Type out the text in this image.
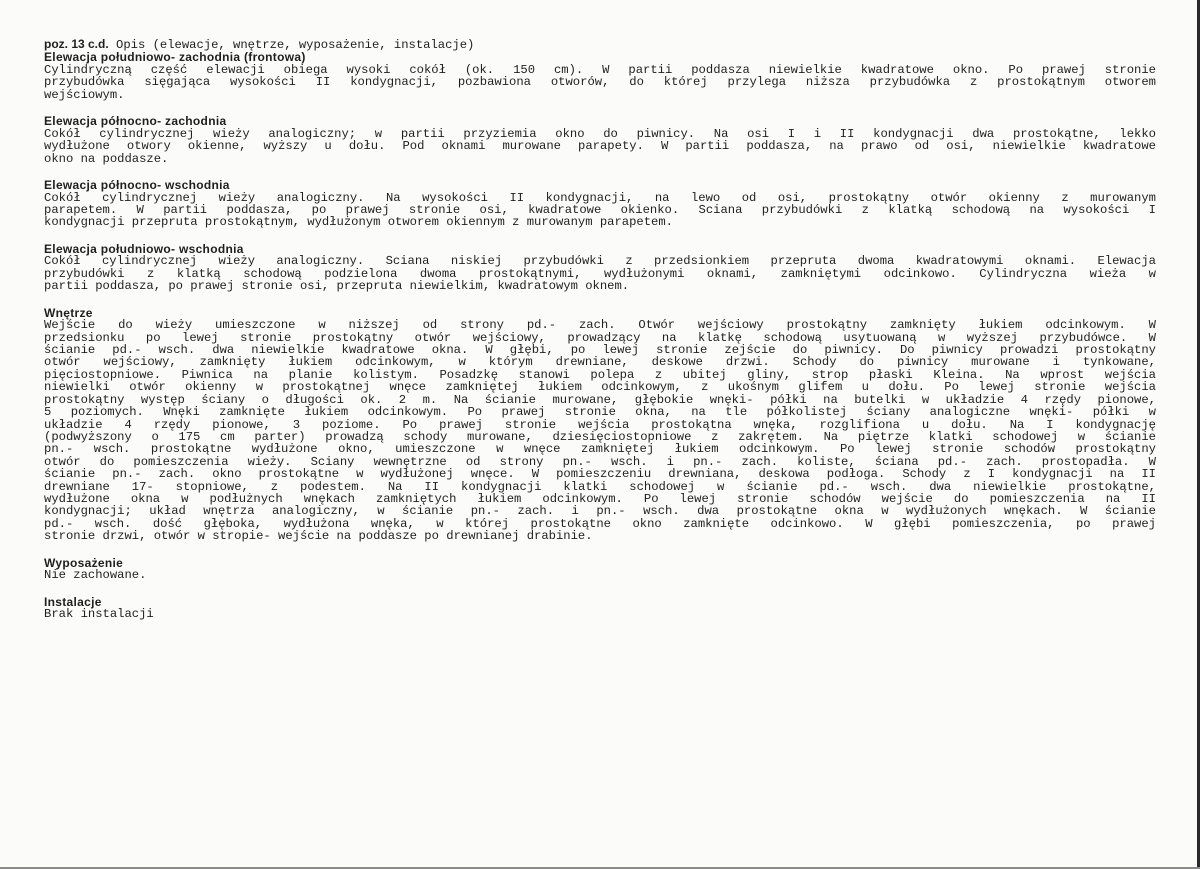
poz. 13 c.d. Opis (elewacje, wnętrze, wyposażenie, instalacje)

Elewacja południowo- zachodnia (frontowa)

Cylindryczną część elewacji obiega wysoki cokół (ok. 150 cm). W partii poddasza niewielkie kwadratowe okno. Po prawej stronie
przybudówka sięgająca wysokości II kondygnacji, pozbawiona otworów, do której przylega niższa przybudówka z prostokątnym otworem
wejściowym.

Elewacja północno- zachodnia

Cokół cylindrycznej wieży analogiczny; w partii przyziemia okno do piwnicy. Na osi I i II kondygnacji dwa prostokątne, lekko
wydłużone otwory okienne, wyższy u dołu. Pod oknami murowane parapety. W partii poddasza, na prawo od osi, niewielkie kwadratowe
okno na poddasze.

Elewacja północno- wschodnia

Cokół cylindrycznej wieży analogiczny. Na wysokości II kondygnacji, na lewo od osi, prostokątny otwór okienny z murowanym
parapetem. W partii poddasza, po prawej stronie osi, kwadratowe okienko. Ściana przybudówki z klatką schodową na wysokości I
kondygnacji przepruta prostokątnym, wydłużonym otworem okiennym z murowanym parapetem.

Elewacja południowo- wschodnia

Cokół cylindrycznej wieży analogiczny. Ściana niskiej przybudówki z przedsionkiem przepruta dwoma kwadratowymi oknami. Elewacja
przybudówki z klatką schodową podzielona dwoma prostokątnymi, wydłużonymi oknami, zamkniętymi odcinkowo. Cylindryczna wieża w
partii poddasza, po prawej stronie osi, przepruta niewielkim, kwadratowym oknem.

Wnętrze

Wejście do wieży umieszczone w niższej od strony pd.- zach. Otwór wejściowy prostokątny zamknięty łukiem odcinkowym. W
przedsionku po lewej stronie prostokątny otwór wejściowy, prowadzący na klatkę schodową usytuowaną w wyższej przybudówce. W
ścianie pd.- wsch. dwa niewielkie kwadratowe okna. W głębi, po lewej stronie zejście do piwnicy. Do piwnicy prowadzi prostokątny
otwór wejściowy, zamknięty łukiem odcinkowym, w którym drewniane, deskowe drzwi. Schody do piwnicy murowane i tynkowane,
pięciostopniowe. Piwnica na planie kolistym. Posadzkę stanowi polepa z ubitej gliny, strop płaski Kleina. Na wprost wejścia
niewielki otwór okienny w prostokątnej wnęce zamkniętej łukiem odcinkowym, z ukośnym glifem u dołu. Po lewej stronie wejścia
prostokątny występ ściany o długości ok. 2 m. Na ścianie murowane, głębokie wnęki- półki na butelki w układzie 4 rzędy pionowe,
5 poziomych. Wnęki zamknięte łukiem odcinkowym. Po prawej stronie okna, na tle półkolistej ściany analogiczne wnęki- półki w
układzie 4 rzędy pionowe, 3 poziome. Po prawej stronie wejścia prostokątna wnęka, rozglifiona u dołu. Na I kondygnację
(podwyższony o 175 cm parter) prowadzą schody murowane, dziesięciostopniowe z zakrętem. Na piętrze klatki schodowej w ścianie
pn.- wsch. prostokątne wydłużone okno, umieszczone w wnęce zamkniętej łukiem odcinkowym. Po lewej stronie schodów prostokątny
otwór do pomieszczenia wieży. Ściany wewnętrzne od strony pn.- wsch. i pn.- zach. koliste, ściana pd.- zach. prostopadła. W
ścianie pn.- zach. okno prostokątne w wydłużonej wnęce. W pomieszczeniu drewniana, deskowa podłoga. Schody z I kondygnacji na II
drewniane 17- stopniowe, z podestem. Na II kondygnacji klatki schodowej w ścianie pd.- wsch. dwa niewielkie prostokątne,
wydłużone okna w podłużnych wnękach zamkniętych łukiem odcinkowym. Po lewej stronie schodów wejście do pomieszczenia na II
kondygnacji; układ wnętrza analogiczny, w ścianie pn.- zach. i pn.- wsch. dwa prostokątne okna w wydłużonych wnękach. W ścianie
pd.- wsch. dość głęboka, wydłużona wnęka, w której prostokątne okno zamknięte odcinkowo. W głębi pomieszczenia, po prawej
stronie drzwi, otwór w stropie- wejście na poddasze po drewnianej drabinie.

Wyposażenie

Nie zachowane.

Instalacje

Brak instalacji
